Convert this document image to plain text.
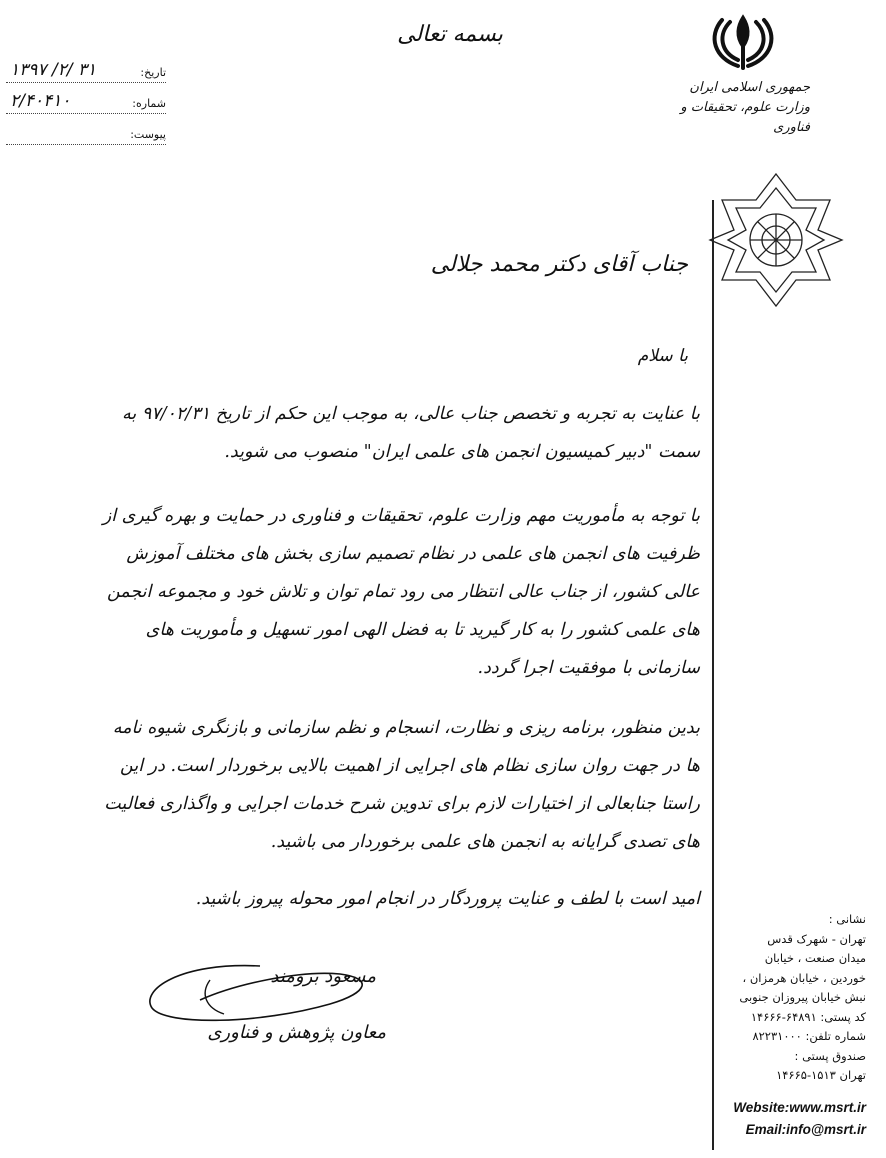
بسمه تعالی
جمهوری اسلامی ایران
وزارت علوم، تحقیقات و فناوری
۱۳۹۷ /۲/ ۳۱	تاریخ:
۲/۴۰۴۱۰	شماره:
پیوست:
جناب آقای دکتر محمد جلالی
با سلام
با عنایت به تجربه و تخصص جناب عالی، به موجب این حکم از تاریخ ۹۷/۰۲/۳۱ به سمت "دبیر کمیسیون انجمن های علمی ایران" منصوب می شوید.
با توجه به مأموریت مهم وزارت علوم، تحقیقات و فناوری در حمایت و بهره گیری از ظرفیت های انجمن های علمی در نظام تصمیم سازی بخش های مختلف آموزش عالی کشور، از جناب عالی انتظار می رود تمام توان و تلاش خود و مجموعه انجمن های علمی کشور را به کار گیرید تا به فضل الهی امور تسهیل و مأموریت های سازمانی با موفقیت اجرا گردد.
بدین منظور، برنامه ریزی و نظارت، انسجام و نظم سازمانی و بازنگری شیوه نامه ها در جهت روان سازی نظام های اجرایی از اهمیت بالایی برخوردار است. در این راستا جنابعالی از اختیارات لازم برای تدوین شرح خدمات اجرایی و واگذاری فعالیت های تصدی گرایانه به انجمن های علمی برخوردار می باشید.
امید است با لطف و عنایت پروردگار در انجام امور محوله پیروز باشید.
مسعود برومند
معاون پژوهش و فناوری
نشانی :
تهران - شهرک قدس
میدان صنعت ، خیابان
خوردین ، خیابان هرمزان ،
نبش خیابان پیروزان جنوبی
کد پستی: ۶۴۸۹۱-۱۴۶۶۶
شماره تلفن: ۸۲۲۳۱۰۰۰
صندوق پستی :
تهران ۱۵۱۳-۱۴۶۶۵
Website:www.msrt.ir
Email:info@msrt.ir
